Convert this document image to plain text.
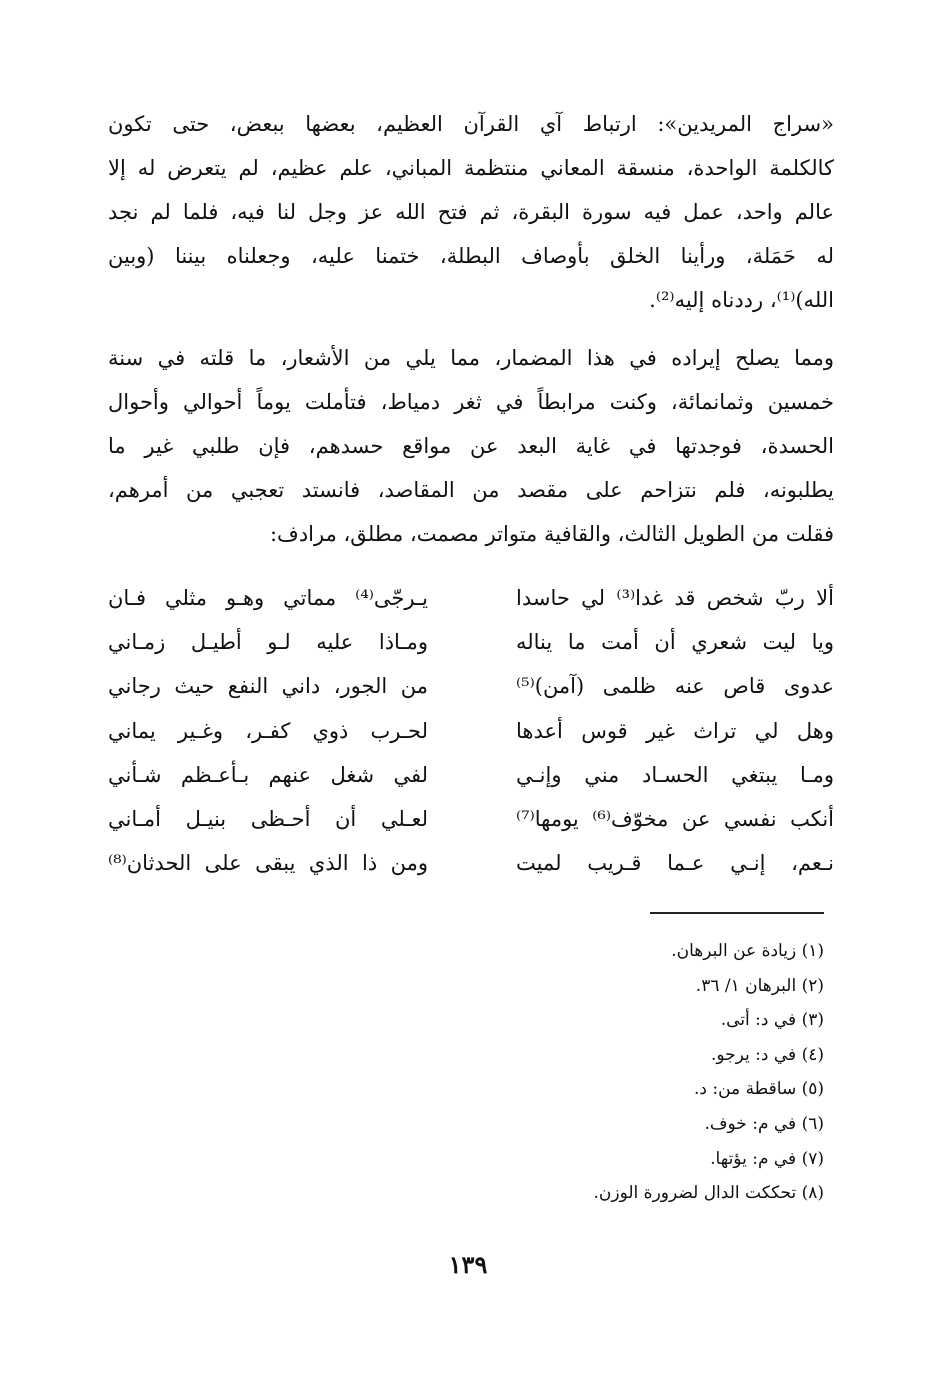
«سراج المريدين»: ارتباط آي القرآن العظيم، بعضها ببعض، حتى تكون
كالكلمة الواحدة، منسقة المعاني منتظمة المباني، علم عظيم، لم يتعرض له إلا
عالم واحد، عمل فيه سورة البقرة، ثم فتح الله عز وجل لنا فيه، فلما لم نجد
له حَمَلة، ورأينا الخلق بأوصاف البطلة، ختمنا عليه، وجعلناه بيننا (وبين
الله)⁽¹⁾، رددناه إليه⁽²⁾.
ومما يصلح إيراده في هذا المضمار، مما يلي من الأشعار، ما قلته في سنة
خمسين وثمانمائة، وكنت مرابطاً في ثغر دمياط، فتأملت يوماً أحوالي وأحوال
الحسدة، فوجدتها في غاية البعد عن مواقع حسدهم، فإن طلبي غير ما
يطلبونه، فلم نتزاحم على مقصد من المقاصد، فانستد تعجبي من أمرهم،
فقلت من الطويل الثالث، والقافية متواتر مصمت، مطلق، مرادف:
ألا ربّ شخص قد غدا⁽³⁾ لي حاسدا
ويا ليت شعري أن أمت ما يناله
عدوى قاص عنه ظلمى (آمن)⁽⁵⁾
وهل لي تراث غير قوس أعدها
ومـا يبتغي الحسـاد مني وإنـي
أنكب نفسي عن مخوّف⁽⁶⁾ يومها⁽⁷⁾
نـعم، إنـي عـما قـريب لميت
يـرجّى⁽⁴⁾ مماتي وهـو مثلي فـان
ومـاذا عليه لـو أطيـل زمـاني
من الجور، داني النفع حيث رجاني
لحـرب ذوي كفـر، وغـير يماني
لفي شغل عنهم بـأعـظم شـأني
لعـلي أن أحـظى بنيـل أمـاني
ومن ذا الذي يبقى على الحدثان⁽⁸⁾
(١) زيادة عن البرهان.
(٢) البرهان ١/ ٣٦.
(٣) في د: أتى.
(٤) في د: يرجو.
(٥) ساقطة من: د.
(٦) في م: خوف.
(٧) في م: يؤتها.
(٨) تحككت الدال لضرورة الوزن.
١٣٩
